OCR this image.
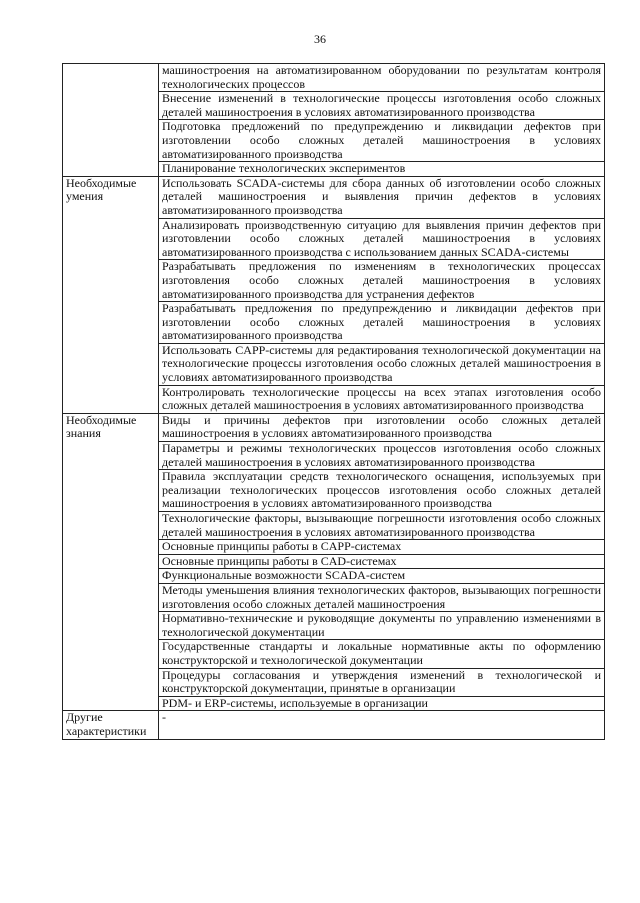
36

	машиностроения на автоматизированном оборудовании по результатам контроля технологических процессов

	Внесение изменений в технологические процессы изготовления особо сложных деталей машиностроения в условиях автоматизированного производства

	Подготовка предложений по предупреждению и ликвидации дефектов при изготовлении особо сложных деталей машиностроения в условиях автоматизированного производства

	Планирование технологических экспериментов

Необходимые умения	Использовать SCADA-системы для сбора данных об изготовлении особо сложных деталей машиностроения и выявления причин дефектов в условиях автоматизированного производства

	Анализировать производственную ситуацию для выявления причин дефектов при изготовлении особо сложных деталей машиностроения в условиях автоматизированного производства с использованием данных SCADA-системы

	Разрабатывать предложения по изменениям в технологических процессах изготовления особо сложных деталей машиностроения в условиях автоматизированного производства для устранения дефектов

	Разрабатывать предложения по предупреждению и ликвидации дефектов при изготовлении особо сложных деталей машиностроения в условиях автоматизированного производства

	Использовать CAPP-системы для редактирования технологической документации на технологические процессы изготовления особо сложных деталей машиностроения в условиях автоматизированного производства

	Контролировать технологические процессы на всех этапах изготовления особо сложных деталей машиностроения в условиях автоматизированного производства

Необходимые знания	Виды и причины дефектов при изготовлении особо сложных деталей машиностроения в условиях автоматизированного производства

	Параметры и режимы технологических процессов изготовления особо сложных деталей машиностроения в условиях автоматизированного производства

	Правила эксплуатации средств технологического оснащения, используемых при реализации технологических процессов изготовления особо сложных деталей машиностроения в условиях автоматизированного производства

	Технологические факторы, вызывающие погрешности изготовления особо сложных деталей машиностроения в условиях автоматизированного производства

	Основные принципы работы в CAPP-системах

	Основные принципы работы в CAD-системах

	Функциональные возможности SCADA-систем

	Методы уменьшения влияния технологических факторов, вызывающих погрешности изготовления особо сложных деталей машиностроения

	Нормативно-технические и руководящие документы по управлению изменениями в технологической документации

	Государственные стандарты и локальные нормативные акты по оформлению конструкторской и технологической документации

	Процедуры согласования и утверждения изменений в технологической и конструкторской документации, принятые в организации

	PDM- и ERP-системы, используемые в организации

Другие характеристики	-
